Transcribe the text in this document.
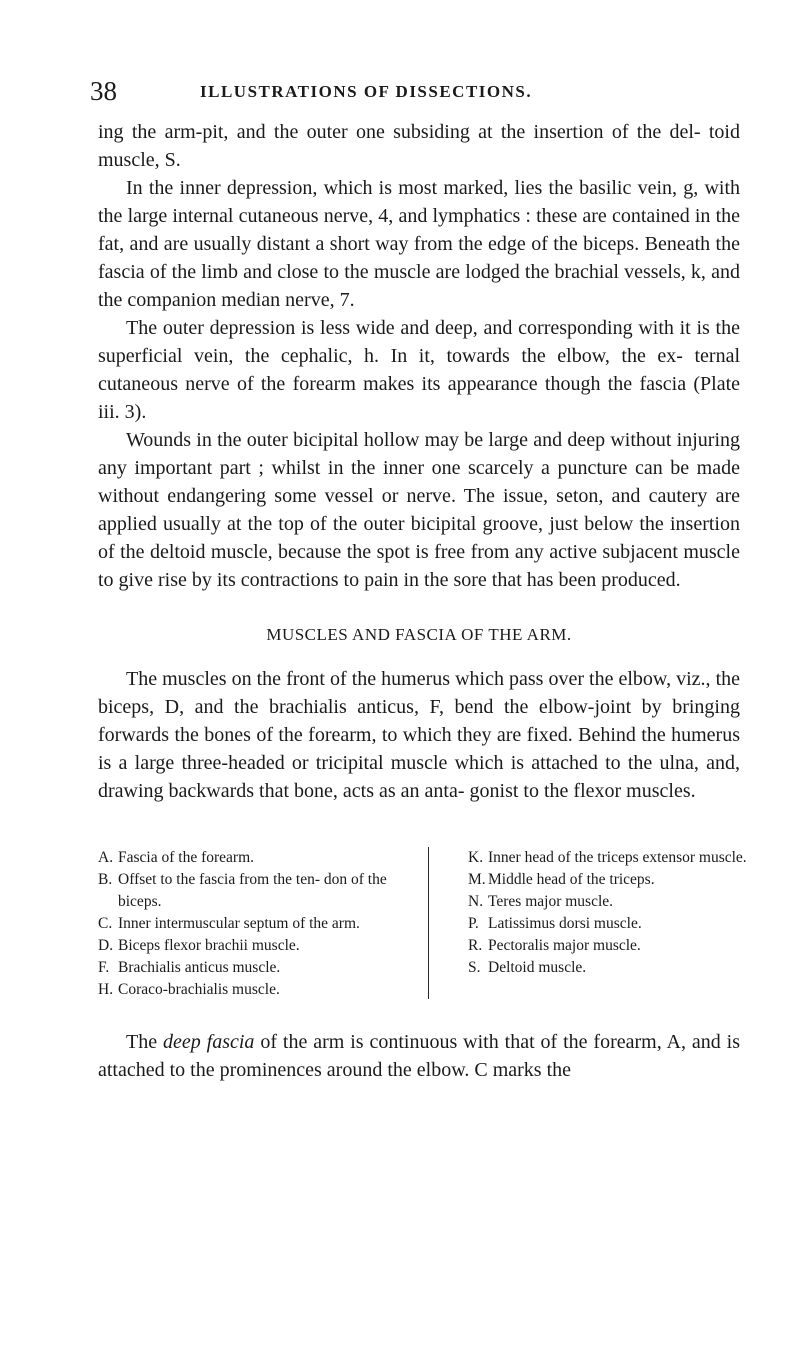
38	ILLUSTRATIONS OF DISSECTIONS.

ing the arm-pit, and the outer one subsiding at the insertion of the del- toid muscle, S.

In the inner depression, which is most marked, lies the basilic vein, g, with the large internal cutaneous nerve, 4, and lymphatics : these are contained in the fat, and are usually distant a short way from the edge of the biceps. Beneath the fascia of the limb and close to the muscle are lodged the brachial vessels, k, and the companion median nerve, 7.

The outer depression is less wide and deep, and corresponding with it is the superficial vein, the cephalic, h. In it, towards the elbow, the ex- ternal cutaneous nerve of the forearm makes its appearance though the fascia (Plate iii. 3).

Wounds in the outer bicipital hollow may be large and deep without injuring any important part ; whilst in the inner one scarcely a puncture can be made without endangering some vessel or nerve. The issue, seton, and cautery are applied usually at the top of the outer bicipital groove, just below the insertion of the deltoid muscle, because the spot is free from any active subjacent muscle to give rise by its contractions to pain in the sore that has been produced.

MUSCLES AND FASCIA OF THE ARM.

The muscles on the front of the humerus which pass over the elbow, viz., the biceps, D, and the brachialis anticus, F, bend the elbow-joint by bringing forwards the bones of the forearm, to which they are fixed. Behind the humerus is a large three-headed or tricipital muscle which is attached to the ulna, and, drawing backwards that bone, acts as an anta- gonist to the flexor muscles.

A. Fascia of the forearm.
B. Offset to the fascia from the ten- don of the biceps.
C. Inner intermuscular septum of the arm.
D. Biceps flexor brachii muscle.
F. Brachialis anticus muscle.
H. Coraco-brachialis muscle.
K. Inner head of the triceps extensor muscle.
M. Middle head of the triceps.
N. Teres major muscle.
P. Latissimus dorsi muscle.
R. Pectoralis major muscle.
S. Deltoid muscle.

The deep fascia of the arm is continuous with that of the forearm, A, and is attached to the prominences around the elbow. C marks the
